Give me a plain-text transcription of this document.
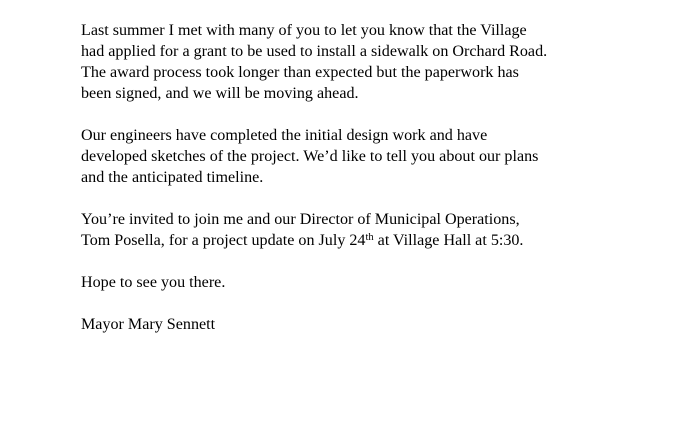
Last summer I met with many of you to let you know that the Village
had applied for a grant to be used to install a sidewalk on Orchard Road.
The award process took longer than expected but the paperwork has
been signed, and we will be moving ahead.

Our engineers have completed the initial design work and have
developed sketches of the project. We’d like to tell you about our plans
and the anticipated timeline.

You’re invited to join me and our Director of Municipal Operations,
Tom Posella, for a project update on July 24th at Village Hall at 5:30.

Hope to see you there.

Mayor Mary Sennett
